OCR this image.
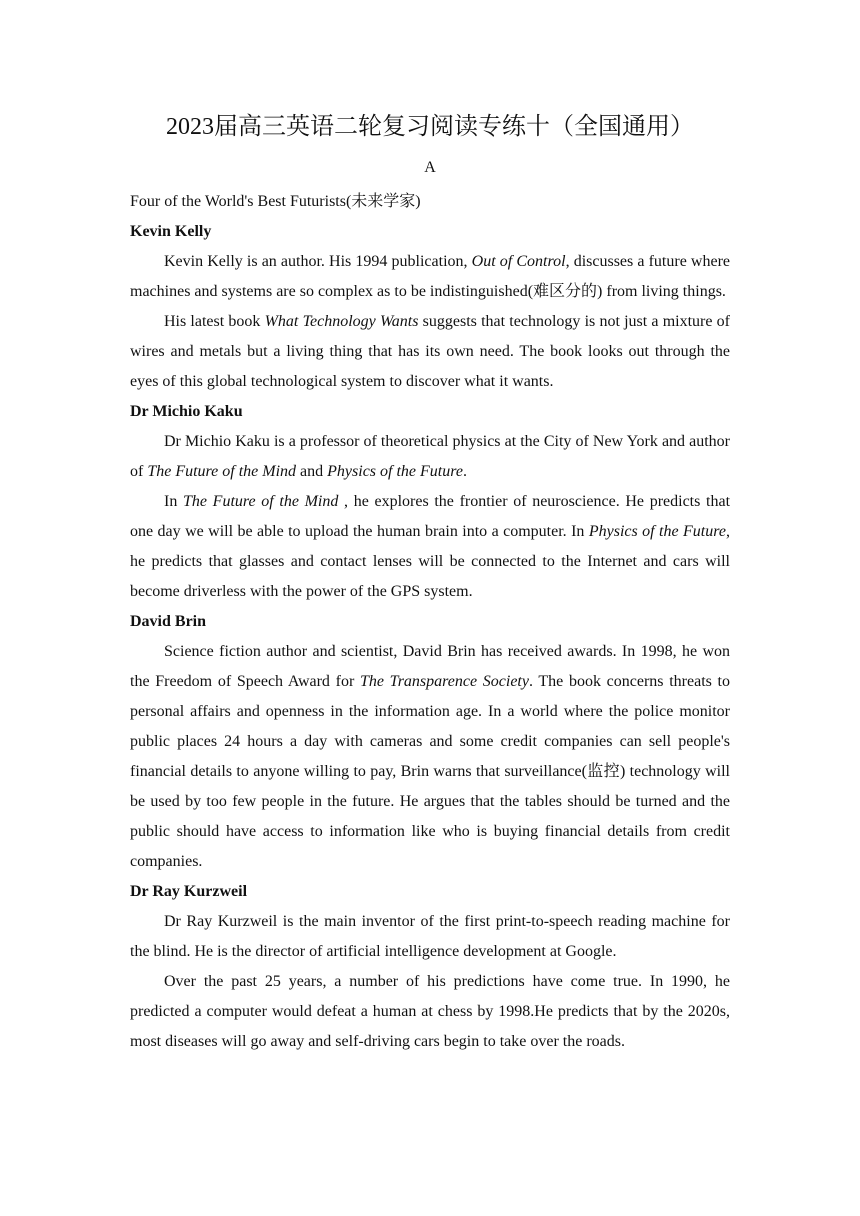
2023届高三英语二轮复习阅读专练十（全国通用）
A

Four of the World's Best Futurists(未来学家)

Kevin Kelly

Kevin Kelly is an author. His 1994 publication, Out of Control, discusses a future where machines and systems are so complex as to be indistinguished(难区分的) from living things.

His latest book What Technology Wants suggests that technology is not just a mixture of wires and metals but a living thing that has its own need. The book looks out through the eyes of this global technological system to discover what it wants.

Dr Michio Kaku

Dr Michio Kaku is a professor of theoretical physics at the City of New York and author of The Future of the Mind and Physics of the Future.

In The Future of the Mind , he explores the frontier of neuroscience. He predicts that one day we will be able to upload the human brain into a computer. In Physics of the Future, he predicts that glasses and contact lenses will be connected to the Internet and cars will become driverless with the power of the GPS system.

David Brin

Science fiction author and scientist, David Brin has received awards. In 1998, he won the Freedom of Speech Award for The Transparence Society. The book concerns threats to personal affairs and openness in the information age. In a world where the police monitor public places 24 hours a day with cameras and some credit companies can sell people's financial details to anyone willing to pay, Brin warns that surveillance(监控) technology will be used by too few people in the future. He argues that the tables should be turned and the public should have access to information like who is buying financial details from credit companies.

Dr Ray Kurzweil

Dr Ray Kurzweil is the main inventor of the first print-to-speech reading machine for the blind. He is the director of artificial intelligence development at Google.

Over the past 25 years, a number of his predictions have come true. In 1990, he predicted a computer would defeat a human at chess by 1998.He predicts that by the 2020s, most diseases will go away and self-driving cars begin to take over the roads.
